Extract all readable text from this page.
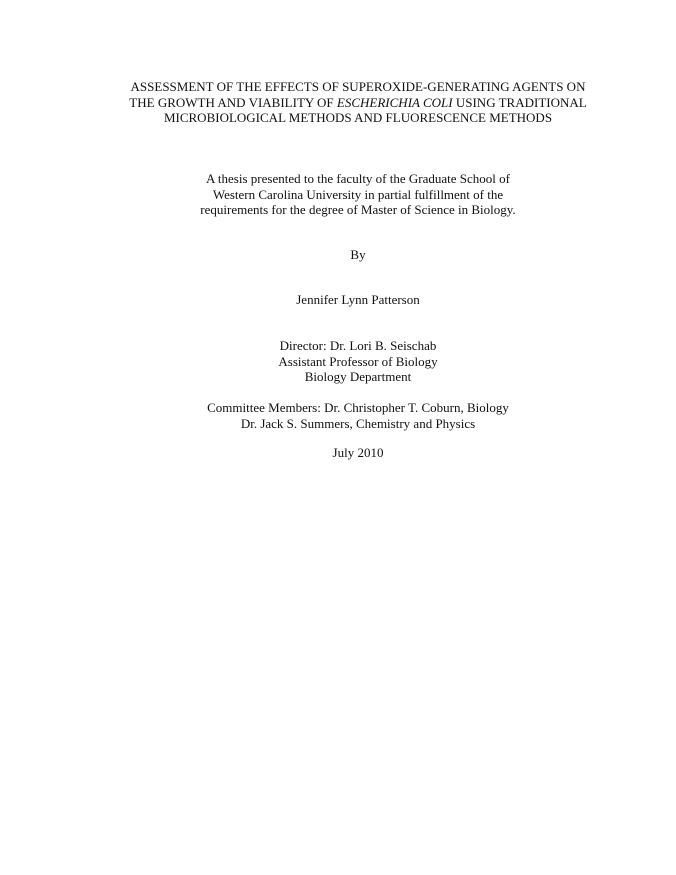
ASSESSMENT OF THE EFFECTS OF SUPEROXIDE-GENERATING AGENTS ON
THE GROWTH AND VIABILITY OF ESCHERICHIA COLI USING TRADITIONAL
MICROBIOLOGICAL METHODS AND FLUORESCENCE METHODS
A thesis presented to the faculty of the Graduate School of
Western Carolina University in partial fulfillment of the
requirements for the degree of Master of Science in Biology.
By
Jennifer Lynn Patterson
Director: Dr. Lori B. Seischab
Assistant Professor of Biology
Biology Department
Committee Members: Dr. Christopher T. Coburn, Biology
Dr. Jack S. Summers, Chemistry and Physics
July 2010
